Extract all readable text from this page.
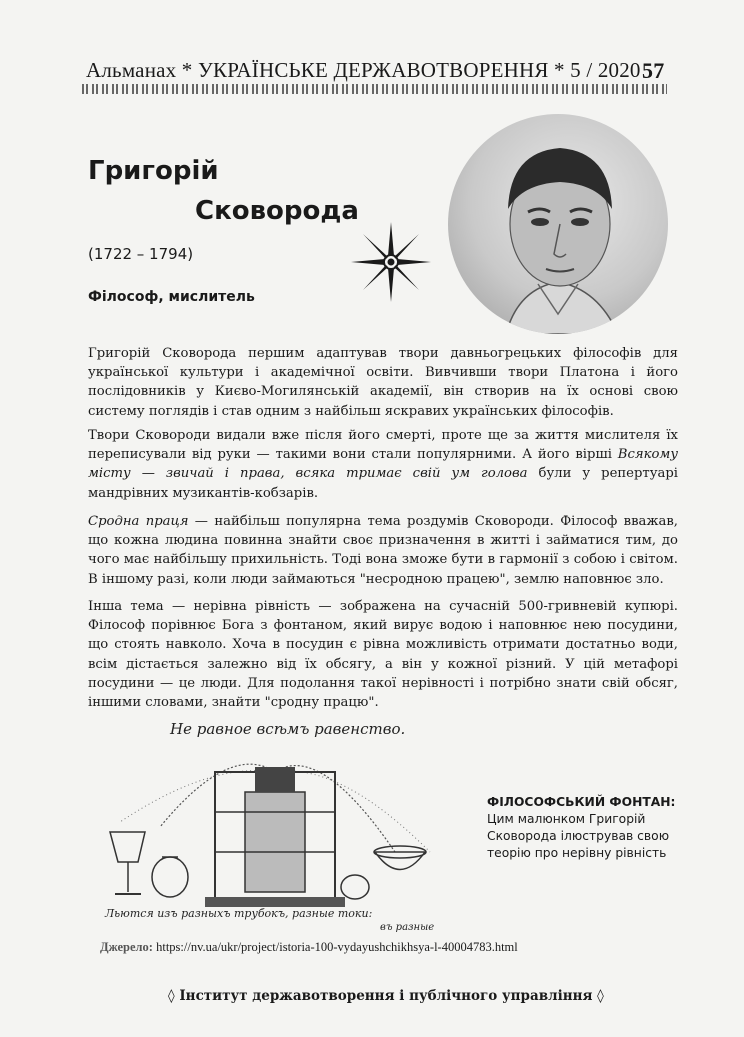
Альманах * УКРАЇНСЬКЕ ДЕРЖАВОТВОРЕННЯ * 5 / 2020 57
Григорій
Сковорода
(1722 – 1794)
Філософ, мислитель
Григорій Сковорода першим адаптував твори давньогрецьких філософів для української культури і академічної освіти. Вивчивши твори Платона і його послідовників у Києво-Могилянській академії, він створив на їх основі свою систему поглядів і став одним з найбільш яскравих українських філософів.
Твори Сковороди видали вже після його смерті, проте ще за життя мислителя їх переписували від руки — такими вони стали популярними. А його вірші Всякому місту — звичай і права, всяка тримає свій ум голова були у репертуарі мандрівних музикантів-кобзарів.
Сродна праця — найбільш популярна тема роздумів Сковороди. Філософ вважав, що кожна людина повинна знайти своє призначення в житті і займатися тим, до чого має найбільшу прихильність. Тоді вона зможе бути в гармонії з собою і світом. В іншому разі, коли люди займаються "несродною працею", землю наповнює зло.
Інша тема — нерівна рівність — зображена на сучасній 500-гривневій купюрі. Філософ порівнює Бога з фонтаном, який вирує водою і наповнює нею посудини, що стоять навколо. Хоча в посудин є рівна можливість отримати достатньо води, всім дістається залежно від їх обсягу, а він у кожної різний. У цій метафорі посудини — це люди. Для подолання такої нерівності і потрібно знати свій обсяг, іншими словами, знайти "сродну працю".
Не равное всѣмъ равенство.
Льются изъ разныхъ трубокъ, разные токи:
въ разные
ФІЛОСОФСЬКИЙ ФОНТАН:
Цим малюнком Григорій Сковорода ілюстрував свою теорію про нерівну рівність
Джерело: https://nv.ua/ukr/project/istoria-100-vydayushchikhsya-l-40004783.html
◊ Інститут державотворення і публічного управління ◊
